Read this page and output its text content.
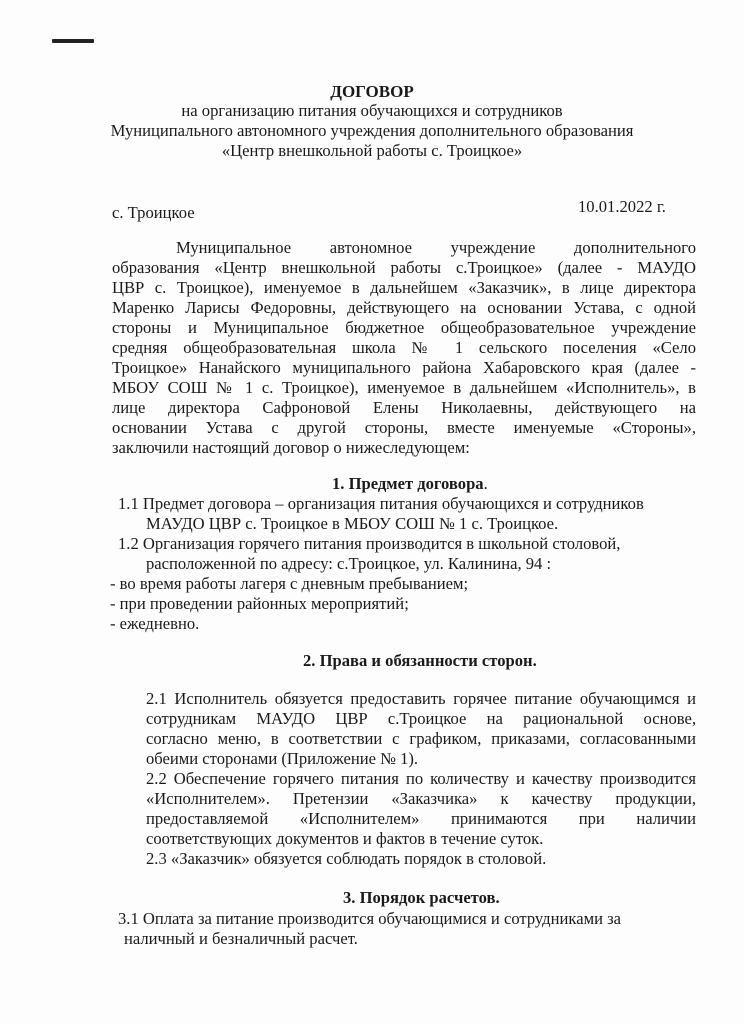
ДОГОВОР
на организацию питания обучающихся и сотрудников
Муниципального автономного учреждения дополнительного образования
«Центр внешкольной работы с. Троицкое»
с. Троицкое	10.01.2022 г.
Муниципальное автономное учреждение дополнительного
образования «Центр внешкольной работы с.Троицкое» (далее - МАУДО
ЦВР с. Троицкое), именуемое в дальнейшем «Заказчик», в лице директора
Маренко Ларисы Федоровны, действующего на основании Устава, с одной
стороны и Муниципальное бюджетное общеобразовательное учреждение
средняя общеобразовательная школа № 1 сельского поселения «Село
Троицкое» Нанайского муниципального района Хабаровского края (далее -
МБОУ СОШ № 1 с. Троицкое), именуемое в дальнейшем «Исполнитель», в
лице директора Сафроновой Елены Николаевны, действующего на
основании Устава с другой стороны, вместе именуемые «Стороны»,
заключили настоящий договор о нижеследующем:
1. Предмет договора.
1.1 Предмет договора – организация питания обучающихся и сотрудников
МАУДО ЦВР с. Троицкое в МБОУ СОШ № 1 с. Троицкое.
1.2 Организация горячего питания производится в школьной столовой,
расположенной по адресу: с.Троицкое, ул. Калинина, 94 :
- во время работы лагеря с дневным пребыванием;
- при проведении районных мероприятий;
- ежедневно.
2. Права и обязанности сторон.
2.1 Исполнитель обязуется предоставить горячее питание обучающимся и
сотрудникам МАУДО ЦВР с.Троицкое на рациональной основе,
согласно меню, в соответствии с графиком, приказами, согласованными
обеими сторонами (Приложение № 1).
2.2 Обеспечение горячего питания по количеству и качеству производится
«Исполнителем». Претензии «Заказчика» к качеству продукции,
предоставляемой «Исполнителем» принимаются при наличии
соответствующих документов и фактов в течение суток.
2.3 «Заказчик» обязуется соблюдать порядок в столовой.
3. Порядок расчетов.
3.1 Оплата за питание производится обучающимися и сотрудниками за
наличный и безналичный расчет.
